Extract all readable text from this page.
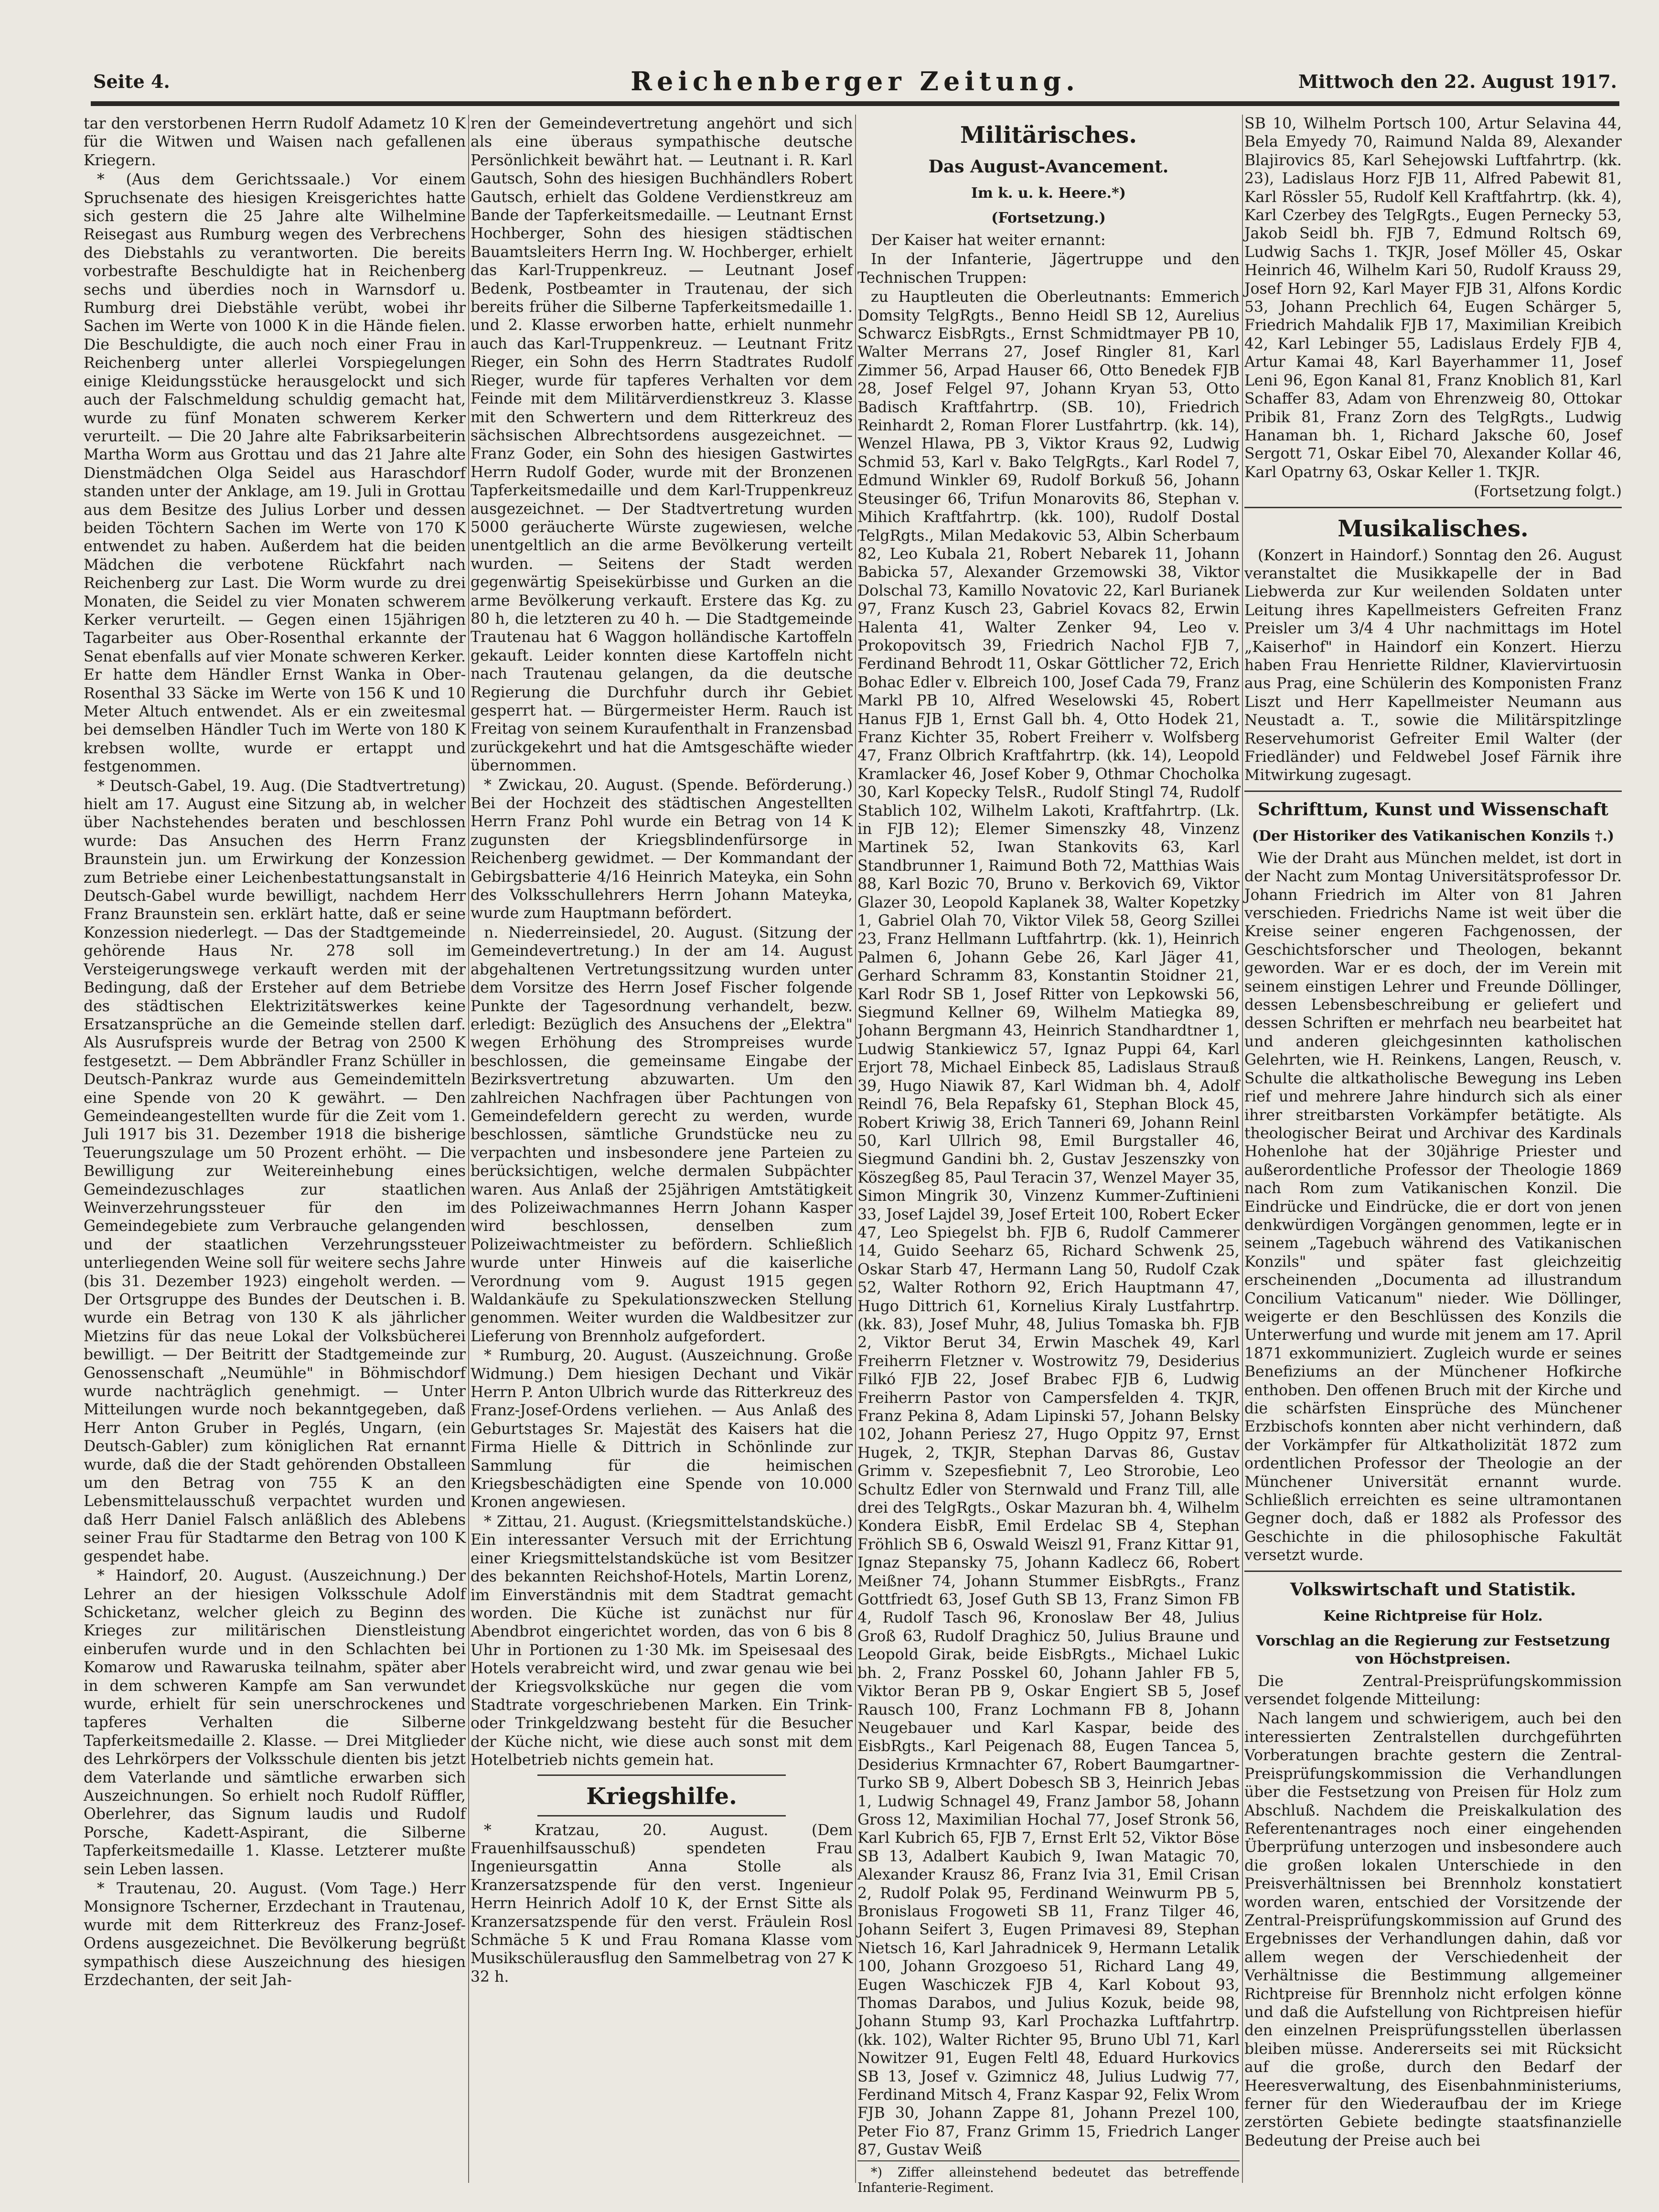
Seite 4.	Reichenberger Zeitung.	Mittwoch den 22. August 1917.

tar den verstorbenen Herrn Rudolf Adametz 10 K für die Witwen und Waisen nach gefallenen Kriegern.

* (Aus dem Gerichtssaale.) Vor einem Spruchsenate des hiesigen Kreisgerichtes hatte sich gestern die 25 Jahre alte Wilhelmine Reisegast aus Rumburg wegen des Verbrechens des Diebstahls zu verantworten. Die bereits vorbestrafte Beschuldigte hat in Reichenberg sechs und überdies noch in Warnsdorf u. Rumburg drei Diebstähle verübt, wobei ihr Sachen im Werte von 1000 K in die Hände fielen. Die Beschuldigte, die auch noch einer Frau in Reichenberg unter allerlei Vorspiegelungen einige Kleidungsstücke herausgelockt und sich auch der Falschmeldung schuldig gemacht hat, wurde zu fünf Monaten schwerem Kerker verurteilt. — Die 20 Jahre alte Fabriksarbeiterin Martha Worm aus Grottau und das 21 Jahre alte Dienstmädchen Olga Seidel aus Haraschdorf standen unter der Anklage, am 19. Juli in Grottau aus dem Besitze des Julius Lorber und dessen beiden Töchtern Sachen im Werte von 170 K entwendet zu haben. Außerdem hat die beiden Mädchen die verbotene Rückfahrt nach Reichenberg zur Last. Die Worm wurde zu drei Monaten, die Seidel zu vier Monaten schwerem Kerker verurteilt. — Gegen einen 15jährigen Tagarbeiter aus Ober-Rosenthal erkannte der Senat ebenfalls auf vier Monate schweren Kerker. Er hatte dem Händler Ernst Wanka in Ober-Rosenthal 33 Säcke im Werte von 156 K und 10 Meter Altuch entwendet. Als er ein zweitesmal bei demselben Händler Tuch im Werte von 180 K krebsen wollte, wurde er ertappt und festgenommen.

* Deutsch-Gabel, 19. Aug. (Die Stadtvertretung) hielt am 17. August eine Sitzung ab, in welcher über Nachstehendes beraten und beschlossen wurde: Das Ansuchen des Herrn Franz Braunstein jun. um Erwirkung der Konzession zum Betriebe einer Leichenbestattungsanstalt in Deutsch-Gabel wurde bewilligt, nachdem Herr Franz Braunstein sen. erklärt hatte, daß er seine Konzession niederlegt. — Das der Stadtgemeinde gehörende Haus Nr. 278 soll im Versteigerungswege verkauft werden mit der Bedingung, daß der Ersteher auf dem Betriebe des städtischen Elektrizitätswerkes keine Ersatzansprüche an die Gemeinde stellen darf. Als Ausrufspreis wurde der Betrag von 2500 K festgesetzt. — Dem Abbrändler Franz Schüller in Deutsch-Pankraz wurde aus Gemeindemitteln eine Spende von 20 K gewährt. — Den Gemeindeangestellten wurde für die Zeit vom 1. Juli 1917 bis 31. Dezember 1918 die bisherige Teuerungszulage um 50 Prozent erhöht. — Die Bewilligung zur Weitereinhebung eines Gemeindezuschlages zur staatlichen Weinverzehrungssteuer für den im Gemeindegebiete zum Verbrauche gelangenden und der staatlichen Verzehrungssteuer unterliegenden Weine soll für weitere sechs Jahre (bis 31. Dezember 1923) eingeholt werden. — Der Ortsgruppe des Bundes der Deutschen i. B. wurde ein Betrag von 130 K als jährlicher Mietzins für das neue Lokal der Volksbücherei bewilligt. — Der Beitritt der Stadtgemeinde zur Genossenschaft „Neumühle" in Böhmischdorf wurde nachträglich genehmigt. — Unter Mitteilungen wurde noch bekanntgegeben, daß Herr Anton Gruber in Peglés, Ungarn, (ein Deutsch-Gabler) zum königlichen Rat ernannt wurde, daß die der Stadt gehörenden Obstalleen um den Betrag von 755 K an den Lebensmittelausschuß verpachtet wurden und daß Herr Daniel Falsch anläßlich des Ablebens seiner Frau für Stadtarme den Betrag von 100 K gespendet habe.

* Haindorf, 20. August. (Auszeichnung.) Der Lehrer an der hiesigen Volksschule Adolf Schicketanz, welcher gleich zu Beginn des Krieges zur militärischen Dienstleistung einberufen wurde und in den Schlachten bei Komarow und Rawaruska teilnahm, später aber in dem schweren Kampfe am San verwundet wurde, erhielt für sein unerschrockenes und tapferes Verhalten die Silberne Tapferkeitsmedaille 2. Klasse. — Drei Mitglieder des Lehrkörpers der Volksschule dienten bis jetzt dem Vaterlande und sämtliche erwarben sich Auszeichnungen. So erhielt noch Rudolf Rüffler, Oberlehrer, das Signum laudis und Rudolf Porsche, Kadett-Aspirant, die Silberne Tapferkeitsmedaille 1. Klasse. Letzterer mußte sein Leben lassen.

* Trautenau, 20. August. (Vom Tage.) Herr Monsignore Tscherner, Erzdechant in Trautenau, wurde mit dem Ritterkreuz des Franz-Josef-Ordens ausgezeichnet. Die Bevölkerung begrüßt sympathisch diese Auszeichnung des hiesigen Erzdechanten, der seit Jah-

ren der Gemeindevertretung angehört und sich als eine überaus sympathische deutsche Persönlichkeit bewährt hat. — Leutnant i. R. Karl Gautsch, Sohn des hiesigen Buchhändlers Robert Gautsch, erhielt das Goldene Verdienstkreuz am Bande der Tapferkeitsmedaille. — Leutnant Ernst Hochberger, Sohn des hiesigen städtischen Bauamtsleiters Herrn Ing. W. Hochberger, erhielt das Karl-Truppenkreuz. — Leutnant Josef Bedenk, Postbeamter in Trautenau, der sich bereits früher die Silberne Tapferkeitsmedaille 1. und 2. Klasse erworben hatte, erhielt nunmehr auch das Karl-Truppenkreuz. — Leutnant Fritz Rieger, ein Sohn des Herrn Stadtrates Rudolf Rieger, wurde für tapferes Verhalten vor dem Feinde mit dem Militärverdienstkreuz 3. Klasse mit den Schwertern und dem Ritterkreuz des sächsischen Albrechtsordens ausgezeichnet. — Franz Goder, ein Sohn des hiesigen Gastwirtes Herrn Rudolf Goder, wurde mit der Bronzenen Tapferkeitsmedaille und dem Karl-Truppenkreuz ausgezeichnet. — Der Stadtvertretung wurden 5000 geräucherte Würste zugewiesen, welche unentgeltlich an die arme Bevölkerung verteilt wurden. — Seitens der Stadt werden gegenwärtig Speisekürbisse und Gurken an die arme Bevölkerung verkauft. Erstere das Kg. zu 80 h, die letzteren zu 40 h. — Die Stadtgemeinde Trautenau hat 6 Waggon holländische Kartoffeln gekauft. Leider konnten diese Kartoffeln nicht nach Trautenau gelangen, da die deutsche Regierung die Durchfuhr durch ihr Gebiet gesperrt hat. — Bürgermeister Herm. Rauch ist Freitag von seinem Kuraufenthalt in Franzensbad zurückgekehrt und hat die Amtsgeschäfte wieder übernommen.

* Zwickau, 20. August. (Spende. Beförderung.) Bei der Hochzeit des städtischen Angestellten Herrn Franz Pohl wurde ein Betrag von 14 K zugunsten der Kriegsblindenfürsorge in Reichenberg gewidmet. — Der Kommandant der Gebirgsbatterie 4/16 Heinrich Mateyka, ein Sohn des Volksschullehrers Herrn Johann Mateyka, wurde zum Hauptmann befördert.

n. Niederreinsiedel, 20. August. (Sitzung der Gemeindevertretung.) In der am 14. August abgehaltenen Vertretungssitzung wurden unter dem Vorsitze des Herrn Josef Fischer folgende Punkte der Tagesordnung verhandelt, bezw. erledigt: Bezüglich des Ansuchens der „Elektra" wegen Erhöhung des Strompreises wurde beschlossen, die gemeinsame Eingabe der Bezirksvertretung abzuwarten. Um den zahlreichen Nachfragen über Pachtungen von Gemeindefeldern gerecht zu werden, wurde beschlossen, sämtliche Grundstücke neu zu verpachten und insbesondere jene Parteien zu berücksichtigen, welche dermalen Subpächter waren. Aus Anlaß der 25jährigen Amtstätigkeit des Polizeiwachmannes Herrn Johann Kasper wird beschlossen, denselben zum Polizeiwachtmeister zu befördern. Schließlich wurde unter Hinweis auf die kaiserliche Verordnung vom 9. August 1915 gegen Waldankäufe zu Spekulationszwecken Stellung genommen. Weiter wurden die Waldbesitzer zur Lieferung von Brennholz aufgefordert.

* Rumburg, 20. August. (Auszeichnung. Große Widmung.) Dem hiesigen Dechant und Vikär Herrn P. Anton Ulbrich wurde das Ritterkreuz des Franz-Josef-Ordens verliehen. — Aus Anlaß des Geburtstages Sr. Majestät des Kaisers hat die Firma Hielle & Dittrich in Schönlinde zur Sammlung für die heimischen Kriegsbeschädigten eine Spende von 10.000 Kronen angewiesen.

* Zittau, 21. August. (Kriegsmittelstandsküche.) Ein interessanter Versuch mit der Errichtung einer Kriegsmittelstandsküche ist vom Besitzer des bekannten Reichshof-Hotels, Martin Lorenz, im Einverständnis mit dem Stadtrat gemacht worden. Die Küche ist zunächst nur für Abendbrot eingerichtet worden, das von 6 bis 8 Uhr in Portionen zu 1·30 Mk. im Speisesaal des Hotels verabreicht wird, und zwar genau wie bei der Kriegsvolksküche nur gegen die vom Stadtrate vorgeschriebenen Marken. Ein Trink- oder Trinkgeldzwang besteht für die Besucher der Küche nicht, wie diese auch sonst mit dem Hotelbetrieb nichts gemein hat.

Kriegshilfe.

* Kratzau, 20. August. (Dem Frauenhilfsausschuß) spendeten Frau Ingenieursgattin Anna Stolle als Kranzersatzspende für den verst. Ingenieur Herrn Heinrich Adolf 10 K, der Ernst Sitte als Kranzersatzspende für den verst. Fräulein Rosl Schmäche 5 K und Frau Romana Klasse vom Musikschülerausflug den Sammelbetrag von 27 K 32 h.

Militärisches.
Das August-Avancement.
Im k. u. k. Heere.*)
(Fortsetzung.)

Der Kaiser hat weiter ernannt:

In der Infanterie, Jägertruppe und den Technischen Truppen:

zu Hauptleuten die Oberleutnants: Emmerich Domsity TelgRgts., Benno Heidl SB 12, Aurelius Schwarcz EisbRgts., Ernst Schmidtmayer PB 10, Walter Merrans 27, Josef Ringler 81, Karl Zimmer 56, Arpad Hauser 66, Otto Benedek FJB 28, Josef Felgel 97, Johann Kryan 53, Otto Badisch Kraftfahrtrp. (SB. 10), Friedrich Reinhardt 2, Roman Florer Lustfahrtrp. (kk. 14), Wenzel Hlawa, PB 3, Viktor Kraus 92, Ludwig Schmid 53, Karl v. Bako TelgRgts., Karl Rodel 7, Edmund Winkler 69, Rudolf Borkuß 56, Johann Steusinger 66, Trifun Monarovits 86, Stephan v. Mihich Kraftfahrtrp. (kk. 100), Rudolf Dostal TelgRgts., Milan Medakovic 53, Albin Scherbaum 82, Leo Kubala 21, Robert Nebarek 11, Johann Babicka 57, Alexander Grzemowski 38, Viktor Dolschal 73, Kamillo Novatovic 22, Karl Burianek 97, Franz Kusch 23, Gabriel Kovacs 82, Erwin Halenta 41, Walter Zenker 94, Leo v. Prokopovitsch 39, Friedrich Nachol FJB 7, Ferdinand Behrodt 11, Oskar Göttlicher 72, Erich Bohac Edler v. Elbreich 100, Josef Cada 79, Franz Markl PB 10, Alfred Weselowski 45, Robert Hanus FJB 1, Ernst Gall bh. 4, Otto Hodek 21, Franz Kichter 35, Robert Freiherr v. Wolfsberg 47, Franz Olbrich Kraftfahrtrp. (kk. 14), Leopold Kramlacker 46, Josef Kober 9, Othmar Chocholka 30, Karl Kopecky TelsR., Rudolf Stingl 74, Rudolf Stablich 102, Wilhelm Lakoti, Kraftfahrtrp. (Lk. in FJB 12); Elemer Simenszky 48, Vinzenz Martinek 52, Iwan Stankovits 63, Karl Standbrunner 1, Raimund Both 72, Matthias Wais 88, Karl Bozic 70, Bruno v. Berkovich 69, Viktor Glazer 30, Leopold Kaplanek 38, Walter Kopetzky 1, Gabriel Olah 70, Viktor Vilek 58, Georg Szillei 23, Franz Hellmann Luftfahrtrp. (kk. 1), Heinrich Palmen 6, Johann Gebe 26, Karl Jäger 41, Gerhard Schramm 83, Konstantin Stoidner 21, Karl Rodr SB 1, Josef Ritter von Lepkowski 56, Siegmund Kellner 69, Wilhelm Matiegka 89, Johann Bergmann 43, Heinrich Standhardtner 1, Ludwig Stankiewicz 57, Ignaz Puppi 64, Karl Erjort 78, Michael Einbeck 85, Ladislaus Strauß 39, Hugo Niawik 87, Karl Widman bh. 4, Adolf Reindl 76, Bela Repafsky 61, Stephan Block 45, Robert Kriwig 38, Erich Tanneri 69, Johann Reinl 50, Karl Ullrich 98, Emil Burgstaller 46, Siegmund Gandini bh. 2, Gustav Jeszenszky von Köszegßeg 85, Paul Teracin 37, Wenzel Mayer 35, Simon Mingrik 30, Vinzenz Kummer-Zuftinieni 33, Josef Lajdel 39, Josef Erteit 100, Robert Ecker 47, Leo Spiegelst bh. FJB 6, Rudolf Cammerer 14, Guido Seeharz 65, Richard Schwenk 25, Oskar Starb 47, Hermann Lang 50, Rudolf Czak 52, Walter Rothorn 92, Erich Hauptmann 47, Hugo Dittrich 61, Kornelius Kiraly Lustfahrtrp. (kk. 83), Josef Muhr, 48, Julius Tomaska bh. FJB 2, Viktor Berut 34, Erwin Maschek 49, Karl Freiherrn Fletzner v. Wostrowitz 79, Desiderius Filkó FJB 22, Josef Brabec FJB 6, Ludwig Freiherrn Pastor von Campersfelden 4. TKJR, Franz Pekina 8, Adam Lipinski 57, Johann Belsky 102, Johann Periesz 27, Hugo Oppitz 97, Ernst Hugek, 2, TKJR, Stephan Darvas 86, Gustav Grimm v. Szepesfiebnit 7, Leo Strorobie, Leo Schultz Edler von Sternwald und Franz Till, alle drei des TelgRgts., Oskar Mazuran bh. 4, Wilhelm Kondera EisbR, Emil Erdelac SB 4, Stephan Fröhlich SB 6, Oswald Weiszl 91, Franz Kittar 91, Ignaz Stepansky 75, Johann Kadlecz 66, Robert Meißner 74, Johann Stummer EisbRgts., Franz Gottfriedt 63, Josef Guth SB 13, Franz Simon FB 4, Rudolf Tasch 96, Kronoslaw Ber 48, Julius Groß 63, Rudolf Draghicz 50, Julius Braune und Leopold Girak, beide EisbRgts., Michael Lukic bh. 2, Franz Posskel 60, Johann Jahler FB 5, Viktor Beran PB 9, Oskar Engiert SB 5, Josef Rausch 100, Franz Lochmann FB 8, Johann Neugebauer und Karl Kaspar, beide des EisbRgts., Karl Peigenach 88, Eugen Tancea 5, Desiderius Krmnachter 67, Robert Baumgartner-Turko SB 9, Albert Dobesch SB 3, Heinrich Jebas 1, Ludwig Schnagel 49, Franz Jambor 58, Johann Gross 12, Maximilian Hochal 77, Josef Stronk 56, Karl Kubrich 65, FJB 7, Ernst Erlt 52, Viktor Böse SB 13, Adalbert Kaubich 9, Iwan Matagic 70, Alexander Krausz 86, Franz Ivia 31, Emil Crisan 2, Rudolf Polak 95, Ferdinand Weinwurm PB 5, Bronislaus Frogoweti SB 11, Franz Tilger 46, Johann Seifert 3, Eugen Primavesi 89, Stephan Nietsch 16, Karl Jahradnicek 9, Hermann Letalik 100, Johann Grozgoeso 51, Richard Lang 49, Eugen Waschiczek FJB 4, Karl Kobout 93, Thomas Darabos, und Julius Kozuk, beide 98, Johann Stump 93, Karl Prochazka Luftfahrtrp. (kk. 102), Walter Richter 95, Bruno Ubl 71, Karl Nowitzer 91, Eugen Feltl 48, Eduard Hurkovics SB 13, Josef v. Gzimnicz 48, Julius Ludwig 77, Ferdinand Mitsch 4, Franz Kaspar 92, Felix Wrom FJB 30, Johann Zappe 81, Johann Prezel 100, Peter Fio 87, Franz Grimm 15, Friedrich Langer 87, Gustav Weiß

*) Ziffer alleinstehend bedeutet das betreffende Infanterie-Regiment.

SB 10, Wilhelm Portsch 100, Artur Selavina 44, Bela Emyedy 70, Raimund Nalda 89, Alexander Blajirovics 85, Karl Sehejowski Luftfahrtrp. (kk. 23), Ladislaus Horz FJB 11, Alfred Pabewit 81, Karl Rössler 55, Rudolf Kell Kraftfahrtrp. (kk. 4), Karl Czerbey des TelgRgts., Eugen Pernecky 53, Jakob Seidl bh. FJB 7, Edmund Roltsch 69, Ludwig Sachs 1. TKJR, Josef Möller 45, Oskar Heinrich 46, Wilhelm Kari 50, Rudolf Krauss 29, Josef Horn 92, Karl Mayer FJB 31, Alfons Kordic 53, Johann Prechlich 64, Eugen Schärger 5, Friedrich Mahdalik FJB 17, Maximilian Kreibich 42, Karl Lebinger 55, Ladislaus Erdely FJB 4, Artur Kamai 48, Karl Bayerhammer 11, Josef Leni 96, Egon Kanal 81, Franz Knoblich 81, Karl Schaffer 83, Adam von Ehrenzweig 80, Ottokar Pribik 81, Franz Zorn des TelgRgts., Ludwig Hanaman bh. 1, Richard Jaksche 60, Josef Sergott 71, Oskar Eibel 70, Alexander Kollar 46, Karl Opatrny 63, Oskar Keller 1. TKJR.

(Fortsetzung folgt.)

Musikalisches.

(Konzert in Haindorf.) Sonntag den 26. August veranstaltet die Musikkapelle der in Bad Liebwerda zur Kur weilenden Soldaten unter Leitung ihres Kapellmeisters Gefreiten Franz Preisler um 3/4 4 Uhr nachmittags im Hotel „Kaiserhof" in Haindorf ein Konzert. Hierzu haben Frau Henriette Rildner, Klaviervirtuosin aus Prag, eine Schülerin des Komponisten Franz Liszt und Herr Kapellmeister Neumann aus Neustadt a. T., sowie die Militärspitzlinge Reservehumorist Gefreiter Emil Walter (der Friedländer) und Feldwebel Josef Färnik ihre Mitwirkung zugesagt.

Schrifttum, Kunst und Wissenschaft
(Der Historiker des Vatikanischen Konzils †.)

Wie der Draht aus München meldet, ist dort in der Nacht zum Montag Universitätsprofessor Dr. Johann Friedrich im Alter von 81 Jahren verschieden. Friedrichs Name ist weit über die Kreise seiner engeren Fachgenossen, der Geschichtsforscher und Theologen, bekannt geworden. War er es doch, der im Verein mit seinem einstigen Lehrer und Freunde Döllinger, dessen Lebensbeschreibung er geliefert und dessen Schriften er mehrfach neu bearbeitet hat und anderen gleichgesinnten katholischen Gelehrten, wie H. Reinkens, Langen, Reusch, v. Schulte die altkatholische Bewegung ins Leben rief und mehrere Jahre hindurch sich als einer ihrer streitbarsten Vorkämpfer betätigte. Als theologischer Beirat und Archivar des Kardinals Hohenlohe hat der 30jährige Priester und außerordentliche Professor der Theologie 1869 nach Rom zum Vatikanischen Konzil. Die Eindrücke und Eindrücke, die er dort von jenen denkwürdigen Vorgängen genommen, legte er in seinem „Tagebuch während des Vatikanischen Konzils" und später fast gleichzeitig erscheinenden „Documenta ad illustrandum Concilium Vaticanum" nieder. Wie Döllinger, weigerte er den Beschlüssen des Konzils die Unterwerfung und wurde mit jenem am 17. April 1871 exkommuniziert. Zugleich wurde er seines Benefiziums an der Münchener Hofkirche enthoben. Den offenen Bruch mit der Kirche und die schärfsten Einsprüche des Münchener Erzbischofs konnten aber nicht verhindern, daß der Vorkämpfer für Altkatholizität 1872 zum ordentlichen Professor der Theologie an der Münchener Universität ernannt wurde. Schließlich erreichten es seine ultramontanen Gegner doch, daß er 1882 als Professor des Geschichte in die philosophische Fakultät versetzt wurde.

Volkswirtschaft und Statistik.
Keine Richtpreise für Holz.
Vorschlag an die Regierung zur Festsetzung von Höchstpreisen.

Die Zentral-Preisprüfungskommission versendet folgende Mitteilung:

Nach langem und schwierigem, auch bei den interessierten Zentralstellen durchgeführten Vorberatungen brachte gestern die Zentral-Preisprüfungskommission die Verhandlungen über die Festsetzung von Preisen für Holz zum Abschluß. Nachdem die Preiskalkulation des Referentenantrages noch einer eingehenden Überprüfung unterzogen und insbesondere auch die großen lokalen Unterschiede in den Preisverhältnissen bei Brennholz konstatiert worden waren, entschied der Vorsitzende der Zentral-Preisprüfungskommission auf Grund des Ergebnisses der Verhandlungen dahin, daß vor allem wegen der Verschiedenheit der Verhältnisse die Bestimmung allgemeiner Richtpreise für Brennholz nicht erfolgen könne und daß die Aufstellung von Richtpreisen hiefür den einzelnen Preisprüfungsstellen überlassen bleiben müsse. Andererseits sei mit Rücksicht auf die große, durch den Bedarf der Heeresverwaltung, des Eisenbahnministeriums, ferner für den Wiederaufbau der im Kriege zerstörten Gebiete bedingte staatsfinanzielle Bedeutung der Preise auch bei
